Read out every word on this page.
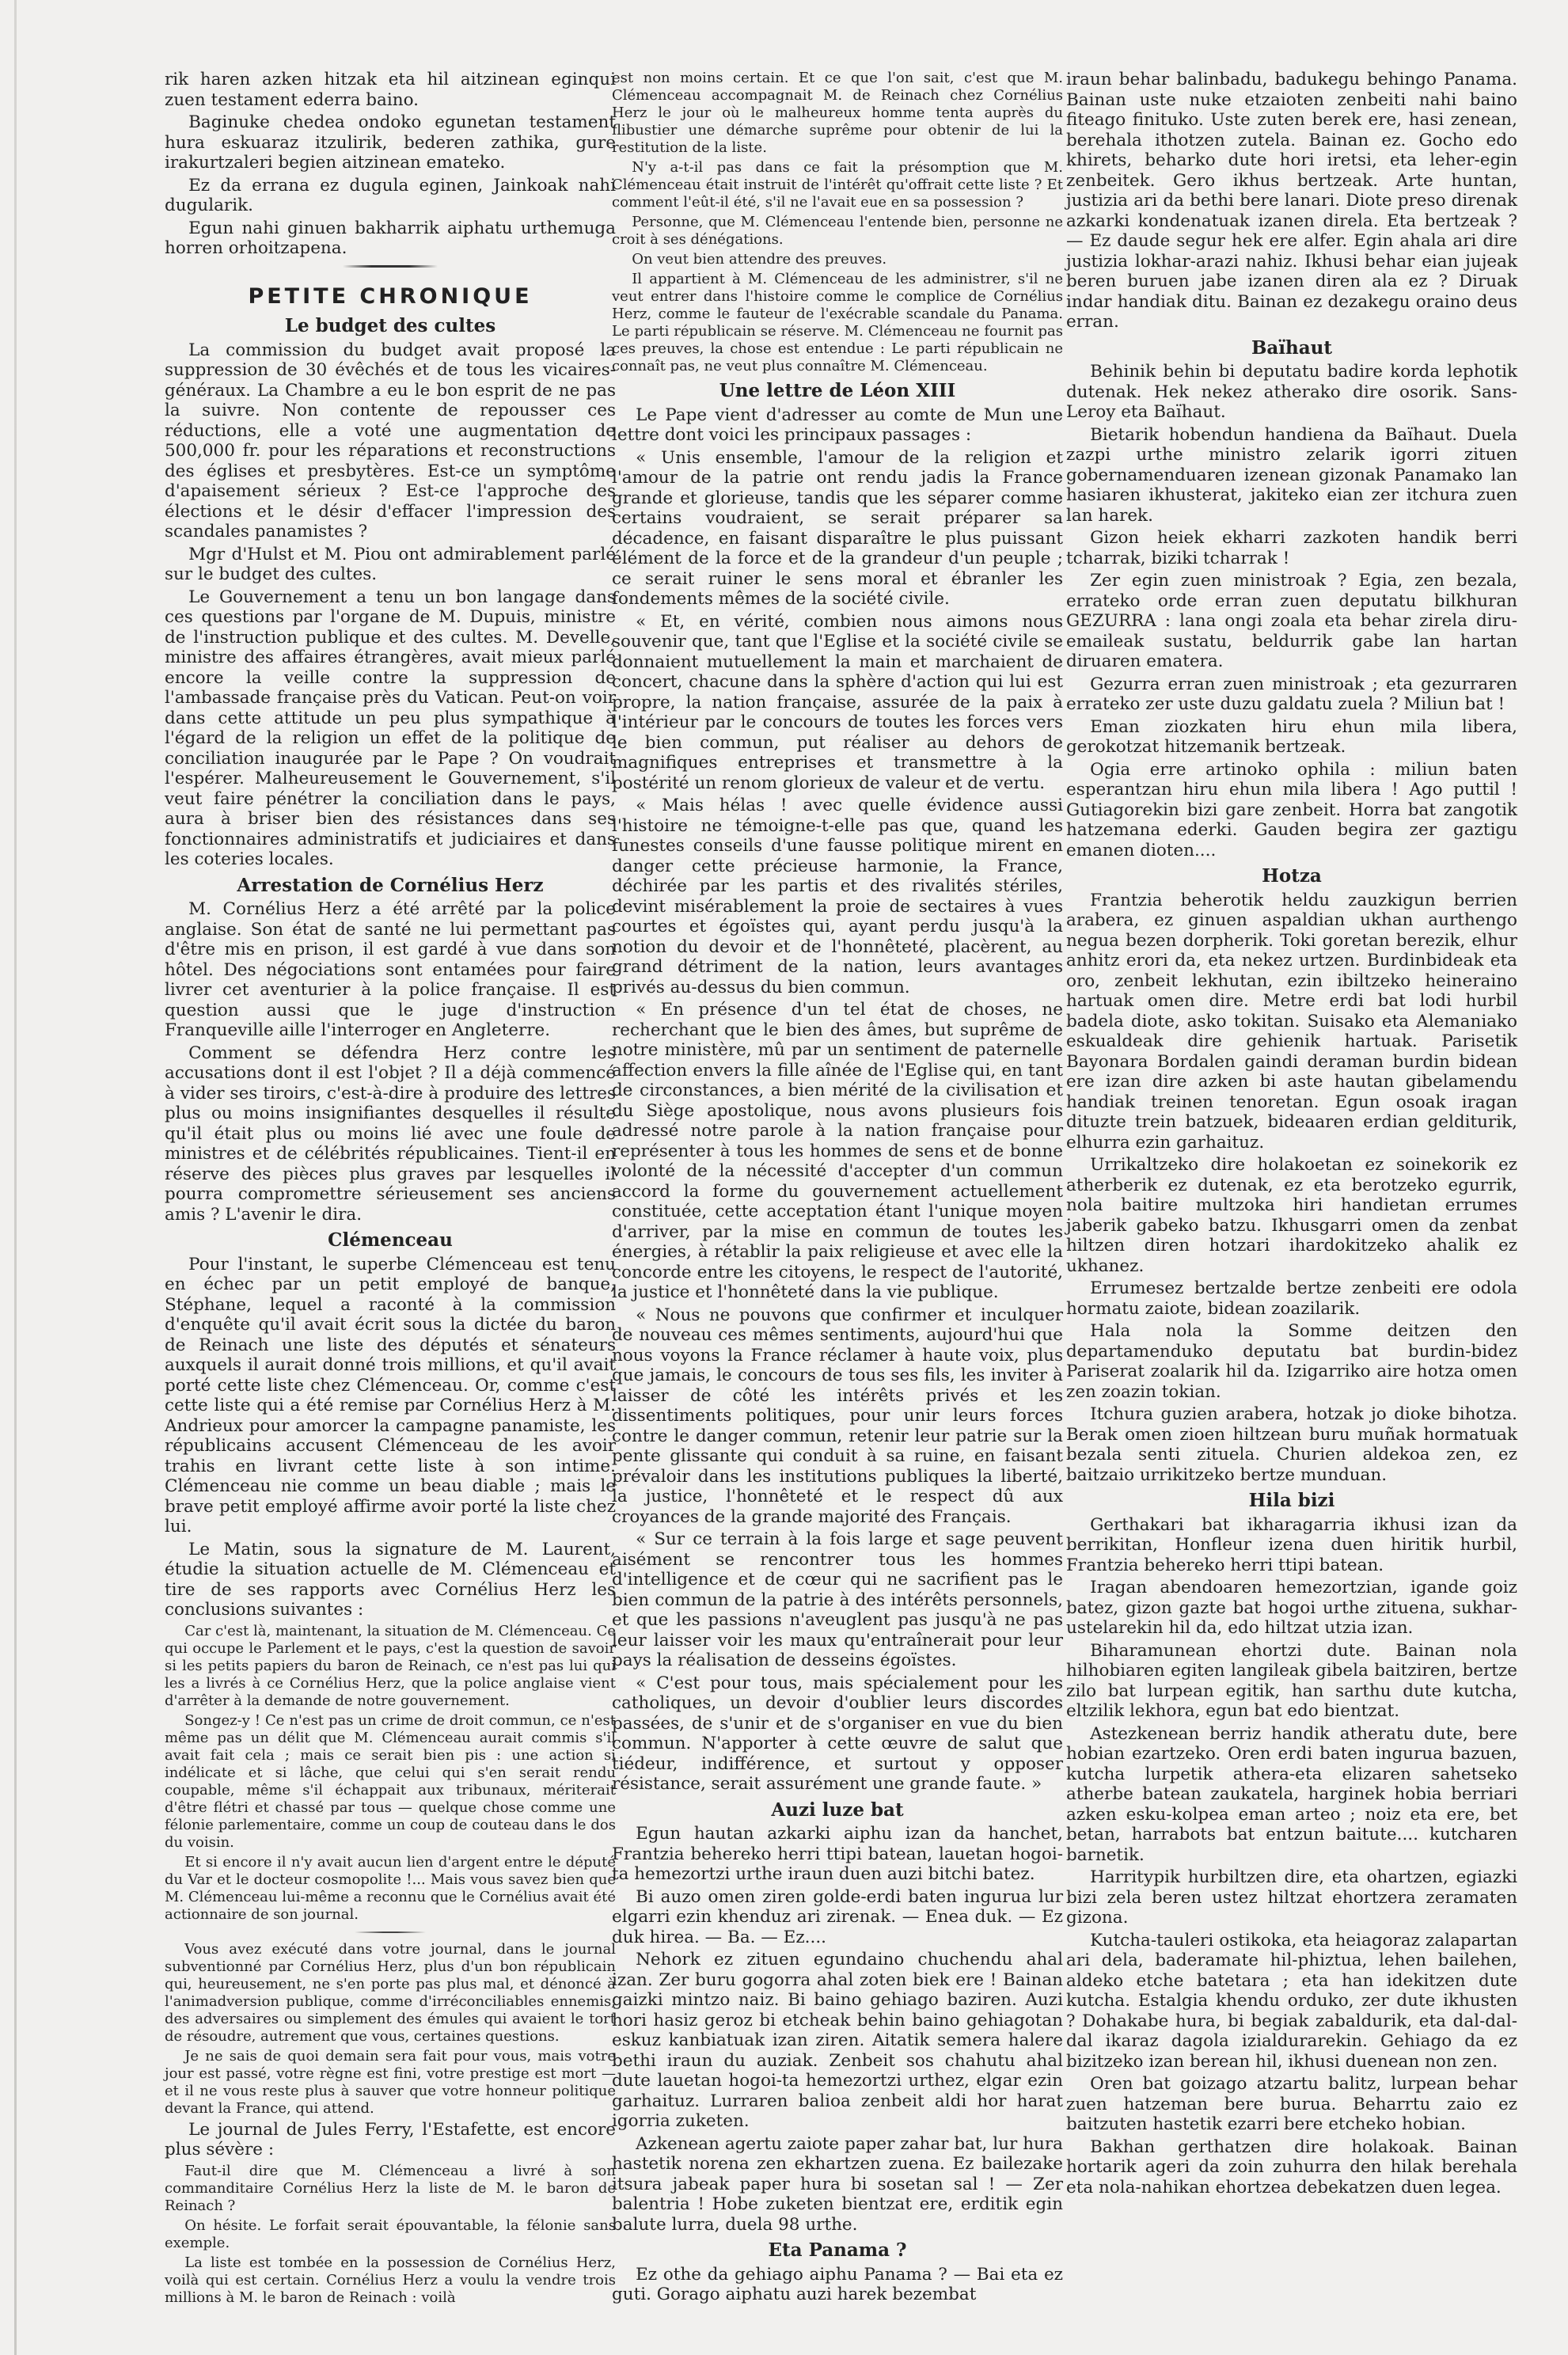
rik haren azken hitzak eta hil aitzinean eginqui zuen testament ederra baino.

Baginuke chedea ondoko egunetan testament hura eskuaraz itzulirik, bederen zathika, gure irakurtzaleri begien aitzinean emateko.

Ez da errana ez dugula eginen, Jainkoak nahi dugularik.

Egun nahi ginuen bakharrik aiphatu urthemuga horren orhoitzapena.

PETITE CHRONIQUE
Le budget des cultes

La commission du budget avait proposé la suppression de 30 évêchés et de tous les vicaires-généraux. La Chambre a eu le bon esprit de ne pas la suivre. Non contente de repousser ces réductions, elle a voté une augmentation de 500,000 fr. pour les réparations et reconstructions des églises et presbytères. Est-ce un symptôme d'apaisement sérieux ? Est-ce l'approche des élections et le désir d'effacer l'impression des scandales panamistes ?

Mgr d'Hulst et M. Piou ont admirablement parlé sur le budget des cultes.

Le Gouvernement a tenu un bon langage dans ces questions par l'organe de M. Dupuis, ministre de l'instruction publique et des cultes. M. Develle, ministre des affaires étrangères, avait mieux parlé encore la veille contre la suppression de l'ambassade française près du Vatican. Peut-on voir dans cette attitude un peu plus sympathique à l'égard de la religion un effet de la politique de conciliation inaugurée par le Pape ? On voudrait l'espérer. Malheureusement le Gouvernement, s'il veut faire pénétrer la conciliation dans le pays, aura à briser bien des résistances dans ses fonctionnaires administratifs et judiciaires et dans les coteries locales.

Arrestation de Cornélius Herz

M. Cornélius Herz a été arrêté par la police anglaise. Son état de santé ne lui permettant pas d'être mis en prison, il est gardé à vue dans son hôtel. Des négociations sont entamées pour faire livrer cet aventurier à la police française. Il est question aussi que le juge d'instruction Franqueville aille l'interroger en Angleterre.

Comment se défendra Herz contre les accusations dont il est l'objet ? Il a déjà commencé à vider ses tiroirs, c'est-à-dire à produire des lettres plus ou moins insignifiantes desquelles il résulte qu'il était plus ou moins lié avec une foule de ministres et de célébrités républicaines. Tient-il en réserve des pièces plus graves par lesquelles il pourra compromettre sérieusement ses anciens amis ? L'avenir le dira.

Clémenceau

Pour l'instant, le superbe Clémenceau est tenu en échec par un petit employé de banque, Stéphane, lequel a raconté à la commission d'enquête qu'il avait écrit sous la dictée du baron de Reinach une liste des députés et sénateurs auxquels il aurait donné trois millions, et qu'il avait porté cette liste chez Clémenceau. Or, comme c'est cette liste qui a été remise par Cornélius Herz à M. Andrieux pour amorcer la campagne panamiste, les républicains accusent Clémenceau de les avoir trahis en livrant cette liste à son intime. Clémenceau nie comme un beau diable ; mais le brave petit employé affirme avoir porté la liste chez lui.

Le Matin, sous la signature de M. Laurent, étudie la situation actuelle de M. Clémenceau et tire de ses rapports avec Cornélius Herz les conclusions suivantes :

Car c'est là, maintenant, la situation de M. Clémenceau. Ce qui occupe le Parlement et le pays, c'est la question de savoir si les petits papiers du baron de Reinach, ce n'est pas lui qui les a livrés à ce Cornélius Herz, que la police anglaise vient d'arrêter à la demande de notre gouvernement.

Songez-y ! Ce n'est pas un crime de droit commun, ce n'est même pas un délit que M. Clémenceau aurait commis s'il avait fait cela ; mais ce serait bien pis : une action si indélicate et si lâche, que celui qui s'en serait rendu coupable, même s'il échappait aux tribunaux, mériterait d'être flétri et chassé par tous — quelque chose comme une félonie parlementaire, comme un coup de couteau dans le dos du voisin.

Et si encore il n'y avait aucun lien d'argent entre le député du Var et le docteur cosmopolite !... Mais vous savez bien que M. Clémenceau lui-même a reconnu que le Cornélius avait été actionnaire de son journal.

Vous avez exécuté dans votre journal, dans le journal subventionné par Cornélius Herz, plus d'un bon républicain qui, heureusement, ne s'en porte pas plus mal, et dénoncé à l'animadversion publique, comme d'irréconciliables ennemis, des adversaires ou simplement des émules qui avaient le tort de résoudre, autrement que vous, certaines questions.

Je ne sais de quoi demain sera fait pour vous, mais votre jour est passé, votre règne est fini, votre prestige est mort — et il ne vous reste plus à sauver que votre honneur politique devant la France, qui attend.

Le journal de Jules Ferry, l'Estafette, est encore plus sévère :

Faut-il dire que M. Clémenceau a livré à son commanditaire Cornélius Herz la liste de M. le baron de Reinach ?

On hésite. Le forfait serait épouvantable, la félonie sans exemple.

La liste est tombée en la possession de Cornélius Herz, voilà qui est certain. Cornélius Herz a voulu la vendre trois millions à M. le baron de Reinach : voilà

est non moins certain. Et ce que l'on sait, c'est que M. Clémenceau accompagnait M. de Reinach chez Cornélius Herz le jour où le malheureux homme tenta auprès du flibustier une démarche suprême pour obtenir de lui la restitution de la liste.

N'y a-t-il pas dans ce fait la présomption que M. Clémenceau était instruit de l'intérêt qu'offrait cette liste ? Et comment l'eût-il été, s'il ne l'avait eue en sa possession ?

Personne, que M. Clémenceau l'entende bien, personne ne croit à ses dénégations.

On veut bien attendre des preuves.

Il appartient à M. Clémenceau de les administrer, s'il ne veut entrer dans l'histoire comme le complice de Cornélius Herz, comme le fauteur de l'exécrable scandale du Panama. Le parti républicain se réserve. M. Clémenceau ne fournit pas ces preuves, la chose est entendue : Le parti républicain ne connaît pas, ne veut plus connaître M. Clémenceau.

Une lettre de Léon XIII

Le Pape vient d'adresser au comte de Mun une lettre dont voici les principaux passages :

« Unis ensemble, l'amour de la religion et l'amour de la patrie ont rendu jadis la France grande et glorieuse, tandis que les séparer comme certains voudraient, se serait préparer sa décadence, en faisant disparaître le plus puissant élément de la force et de la grandeur d'un peuple ; ce serait ruiner le sens moral et ébranler les fondements mêmes de la société civile.

« Et, en vérité, combien nous aimons nous souvenir que, tant que l'Eglise et la société civile se donnaient mutuellement la main et marchaient de concert, chacune dans la sphère d'action qui lui est propre, la nation française, assurée de la paix à l'intérieur par le concours de toutes les forces vers le bien commun, put réaliser au dehors de magnifiques entreprises et transmettre à la postérité un renom glorieux de valeur et de vertu.

« Mais hélas ! avec quelle évidence aussi l'histoire ne témoigne-t-elle pas que, quand les funestes conseils d'une fausse politique mirent en danger cette précieuse harmonie, la France, déchirée par les partis et des rivalités stériles, devint misérablement la proie de sectaires à vues courtes et égoïstes qui, ayant perdu jusqu'à la notion du devoir et de l'honnêteté, placèrent, au grand détriment de la nation, leurs avantages privés au-dessus du bien commun.

« En présence d'un tel état de choses, ne recherchant que le bien des âmes, but suprême de notre ministère, mû par un sentiment de paternelle affection envers la fille aînée de l'Eglise qui, en tant de circonstances, a bien mérité de la civilisation et du Siège apostolique, nous avons plusieurs fois adressé notre parole à la nation française pour représenter à tous les hommes de sens et de bonne volonté de la nécessité d'accepter d'un commun accord la forme du gouvernement actuellement constituée, cette acceptation étant l'unique moyen d'arriver, par la mise en commun de toutes les énergies, à rétablir la paix religieuse et avec elle la concorde entre les citoyens, le respect de l'autorité, la justice et l'honnêteté dans la vie publique.

« Nous ne pouvons que confirmer et inculquer de nouveau ces mêmes sentiments, aujourd'hui que nous voyons la France réclamer à haute voix, plus que jamais, le concours de tous ses fils, les inviter à laisser de côté les intérêts privés et les dissentiments politiques, pour unir leurs forces contre le danger commun, retenir leur patrie sur la pente glissante qui conduit à sa ruine, en faisant prévaloir dans les institutions publiques la liberté, la justice, l'honnêteté et le respect dû aux croyances de la grande majorité des Français.

« Sur ce terrain à la fois large et sage peuvent aisément se rencontrer tous les hommes d'intelligence et de cœur qui ne sacrifient pas le bien commun de la patrie à des intérêts personnels, et que les passions n'aveuglent pas jusqu'à ne pas leur laisser voir les maux qu'entraînerait pour leur pays la réalisation de desseins égoïstes.

« C'est pour tous, mais spécialement pour les catholiques, un devoir d'oublier leurs discordes passées, de s'unir et de s'organiser en vue du bien commun. N'apporter à cette œuvre de salut que tiédeur, indifférence, et surtout y opposer résistance, serait assurément une grande faute. »

Auzi luze bat

Egun hautan azkarki aiphu izan da hanchet, Frantzia behereko herri ttipi batean, lauetan hogoi-ta hemezortzi urthe iraun duen auzi bitchi batez.

Bi auzo omen ziren golde-erdi baten ingurua lur elgarri ezin khenduz ari zirenak. — Enea duk. — Ez duk hirea. — Ba. — Ez....

Nehork ez zituen egundaino chuchendu ahal izan. Zer buru gogorra ahal zoten biek ere ! Bainan gaizki mintzo naiz. Bi baino gehiago baziren. Auzi hori hasiz geroz bi etcheak behin baino gehiagotan eskuz kanbiatuak izan ziren. Aitatik semera halere bethi iraun du auziak. Zenbeit sos chahutu ahal dute lauetan hogoi-ta hemezortzi urthez, elgar ezin garhaituz. Lurraren balioa zenbeit aldi hor harat igorria zuketen.

Azkenean agertu zaiote paper zahar bat, lur hura hastetik norena zen ekhartzen zuena. Ez bailezake itsura jabeak paper hura bi sosetan sal ! — Zer balentria ! Hobe zuketen bientzat ere, erditik egin balute lurra, duela 98 urthe.

Eta Panama ?

Ez othe da gehiago aiphu Panama ? — Bai eta ez guti. Gorago aiphatu auzi harek bezembat

iraun behar balinbadu, badukegu behingo Panama. Bainan uste nuke etzaioten zenbeiti nahi baino fiteago finituko. Uste zuten berek ere, hasi zenean, berehala ithotzen zutela. Bainan ez. Gocho edo khirets, beharko dute hori iretsi, eta leher-egin zenbeitek. Gero ikhus bertzeak. Arte huntan, justizia ari da bethi bere lanari. Diote preso direnak azkarki kondenatuak izanen direla. Eta bertzeak ? — Ez daude segur hek ere alfer. Egin ahala ari dire justizia lokhar-arazi nahiz. Ikhusi behar eian jujeak beren buruen jabe izanen diren ala ez ? Diruak indar handiak ditu. Bainan ez dezakegu oraino deus erran.

Baïhaut

Behinik behin bi deputatu badire korda lephotik dutenak. Hek nekez atherako dire osorik. Sans-Leroy eta Baïhaut.

Bietarik hobendun handiena da Baïhaut. Duela zazpi urthe ministro zelarik igorri zituen gobernamenduaren izenean gizonak Panamako lan hasiaren ikhusterat, jakiteko eian zer itchura zuen lan harek.

Gizon heiek ekharri zazkoten handik berri tcharrak, biziki tcharrak !

Zer egin zuen ministroak ? Egia, zen bezala, errateko orde erran zuen deputatu bilkhuran GEZURRA : lana ongi zoala eta behar zirela diru-emaileak sustatu, beldurrik gabe lan hartan diruaren ematera.

Gezurra erran zuen ministroak ; eta gezurraren errateko zer uste duzu galdatu zuela ? Miliun bat !

Eman ziozkaten hiru ehun mila libera, gerokotzat hitzemanik bertzeak.

Ogia erre artinoko ophila : miliun baten esperantzan hiru ehun mila libera ! Ago puttil ! Gutiagorekin bizi gare zenbeit. Horra bat zangotik hatzemana ederki. Gauden begira zer gaztigu emanen dioten....

Hotza

Frantzia beherotik heldu zauzkigun berrien arabera, ez ginuen aspaldian ukhan aurthengo negua bezen dorpherik. Toki goretan berezik, elhur anhitz erori da, eta nekez urtzen. Burdinbideak eta oro, zenbeit lekhutan, ezin ibiltzeko heineraino hartuak omen dire. Metre erdi bat lodi hurbil badela diote, asko tokitan. Suisako eta Alemaniako eskualdeak dire gehienik hartuak. Parisetik Bayonara Bordalen gaindi deraman burdin bidean ere izan dire azken bi aste hautan gibelamendu handiak treinen tenoretan. Egun osoak iragan dituzte trein batzuek, bideaaren erdian gelditurik, elhurra ezin garhaituz.

Urrikaltzeko dire holakoetan ez soinekorik ez atherberik ez dutenak, ez eta berotzeko egurrik, nola baitire multzoka hiri handietan errumes jaberik gabeko batzu. Ikhusgarri omen da zenbat hiltzen diren hotzari ihardokitzeko ahalik ez ukhanez.

Errumesez bertzalde bertze zenbeiti ere odola hormatu zaiote, bidean zoazilarik.

Hala nola la Somme deitzen den departamenduko deputatu bat burdin-bidez Pariserat zoalarik hil da. Izigarriko aire hotza omen zen zoazin tokian.

Itchura guzien arabera, hotzak jo dioke bihotza. Berak omen zioen hiltzean buru muñak hormatuak bezala senti zituela. Churien aldekoa zen, ez baitzaio urrikitzeko bertze munduan.

Hila bizi

Gerthakari bat ikharagarria ikhusi izan da berrikitan, Honfleur izena duen hiritik hurbil, Frantzia behereko herri ttipi batean.

Iragan abendoaren hemezortzian, igande goiz batez, gizon gazte bat hogoi urthe zituena, sukhar-ustelarekin hil da, edo hiltzat utzia izan.

Biharamunean ehortzi dute. Bainan nola hilhobiaren egiten langileak gibela baitziren, bertze zilo bat lurpean egitik, han sarthu dute kutcha, eltzilik lekhora, egun bat edo bientzat.

Astezkenean berriz handik atheratu dute, bere hobian ezartzeko. Oren erdi baten ingurua bazuen, kutcha lurpetik athera-eta elizaren sahetsеko atherbe batean zaukatela, harginek hobia berriari azken esku-kolpea eman arteo ; noiz eta ere, bet betan, harrabots bat entzun baitute.... kutcharen barnetik.

Harritурik hurbiltzen dire, eta ohartzen, egiazki bizi zela beren ustez hiltzat ehortzera zeramaten gizona.

Kutcha-tauleri ostikoka, eta heiagoraz zalapartan ari dela, baderamate hil-phiztua, lehen bailehen, aldeko etche batetara ; eta han idekitzen dute kutcha. Estalgia khendu orduko, zer dute ikhusten ? Dohakabe hura, bi begiak zabaldurik, eta dal-dal-dal ikaraz dagola izialdurarekin. Gehiago da ez bizitzeko izan berean hil, ikhusi duenean non zen.

Oren bat goizago atzartu balitz, lurpean behar zuen hatzeman bere burua. Beharrtu zaio ez baitzuten hastetik ezarri bere etcheko hobian.

Bakhan gerthatzen dire holakoak. Bainan hortarik ageri da zoin zuhurra den hilak berehala eta nola-nahikan ehortzea debekatzen duen legea.
